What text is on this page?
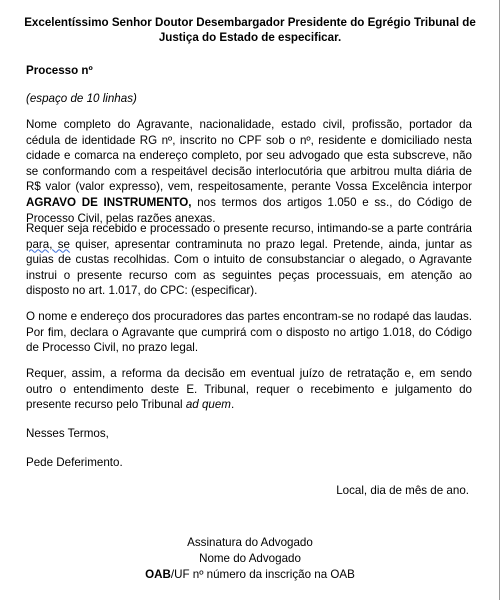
Excelentíssimo Senhor Doutor Desembargador Presidente do Egrégio Tribunal de
Justiça do Estado de especificar.
Processo nº
(espaço de 10 linhas)
Nome completo do Agravante, nacionalidade, estado civil, profissão, portador da cédula de identidade RG nº, inscrito no CPF sob o nº, residente e domiciliado nesta cidade e comarca na endereço completo, por seu advogado que esta subscreve, não se conformando com a respeitável decisão interlocutória que arbitrou multa diária de R$ valor (valor expresso), vem, respeitosamente, perante Vossa Excelência interpor AGRAVO DE INSTRUMENTO, nos termos dos artigos 1.050 e ss., do Código de Processo Civil, pelas razões anexas.
Requer seja recebido e processado o presente recurso, intimando-se a parte contrária para, se quiser, apresentar contraminuta no prazo legal. Pretende, ainda, juntar as guias de custas recolhidas. Com o intuito de consubstanciar o alegado, o Agravante instrui o presente recurso com as seguintes peças processuais, em atenção ao disposto no art. 1.017, do CPC: (especificar).
O nome e endereço dos procuradores das partes encontram-se no rodapé das laudas. Por fim, declara o Agravante que cumprirá com o disposto no artigo 1.018, do Código de Processo Civil, no prazo legal.
Requer, assim, a reforma da decisão em eventual juízo de retratação e, em sendo outro o entendimento deste E. Tribunal, requer o recebimento e julgamento do presente recurso pelo Tribunal ad quem.
Nesses Termos,
Pede Deferimento.
Local, dia de mês de ano.
Assinatura do Advogado
Nome do Advogado
OAB/UF nº número da inscrição na OAB
